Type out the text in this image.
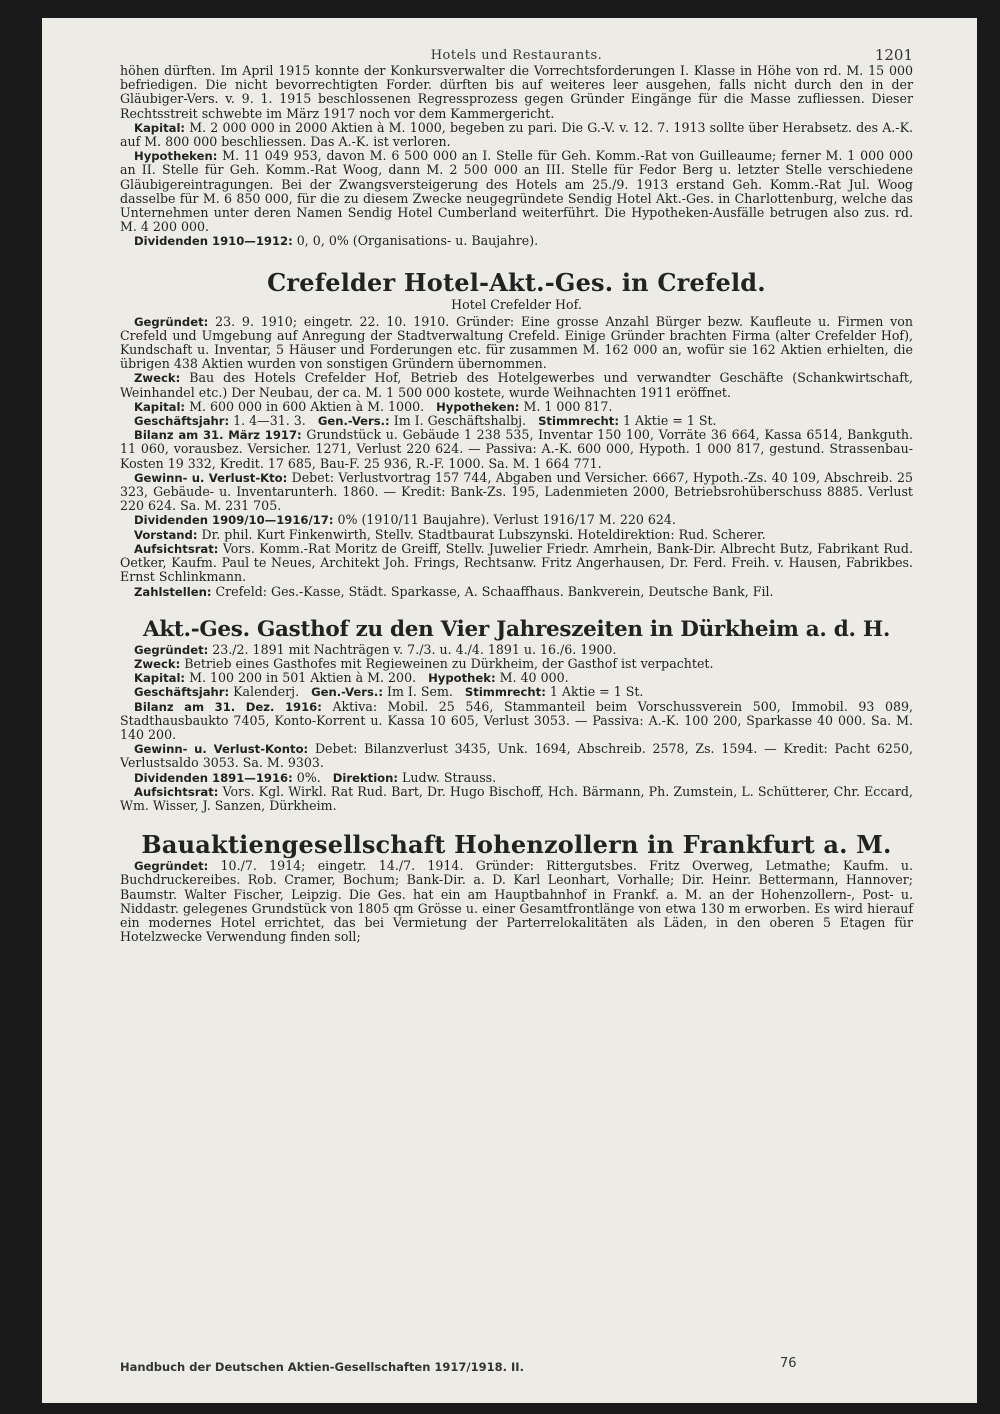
Hotels und Restaurants.	1201

höhen dürften. Im April 1915 konnte der Konkursverwalter die Vorrechtsforderungen I. Klasse in Höhe von rd. M. 15 000 befriedigen. Die nicht bevorrechtigten Forder. dürften bis auf weiteres leer ausgehen, falls nicht durch den in der Gläubiger-Vers. v. 9. 1. 1915 beschlossenen Regressprozess gegen Gründer Eingänge für die Masse zufliessen. Dieser Rechtsstreit schwebte im März 1917 noch vor dem Kammergericht.

Kapital: M. 2 000 000 in 2000 Aktien à M. 1000, begeben zu pari. Die G.-V. v. 12. 7. 1913 sollte über Herabsetz. des A.-K. auf M. 800 000 beschliessen. Das A.-K. ist verloren.

Hypotheken: M. 11 049 953, davon M. 6 500 000 an I. Stelle für Geh. Komm.-Rat von Guilleaume; ferner M. 1 000 000 an II. Stelle für Geh. Komm.-Rat Woog, dann M. 2 500 000 an III. Stelle für Fedor Berg u. letzter Stelle verschiedene Gläubigereintragungen. Bei der Zwangsversteigerung des Hotels am 25./9. 1913 erstand Geh. Komm.-Rat Jul. Woog dasselbe für M. 6 850 000, für die zu diesem Zwecke neugegründete Sendig Hotel Akt.-Ges. in Charlottenburg, welche das Unternehmen unter deren Namen Sendig Hotel Cumberland weiterführt. Die Hypotheken-Ausfälle betrugen also zus. rd. M. 4 200 000.

Dividenden 1910—1912: 0, 0, 0% (Organisations- u. Baujahre).

Crefelder Hotel-Akt.-Ges. in Crefeld.
Hotel Crefelder Hof.

Gegründet: 23. 9. 1910; eingetr. 22. 10. 1910. Gründer: Eine grosse Anzahl Bürger bezw. Kaufleute u. Firmen von Crefeld und Umgebung auf Anregung der Stadtverwaltung Crefeld. Einige Gründer brachten Firma (alter Crefelder Hof), Kundschaft u. Inventar, 5 Häuser und Forderungen etc. für zusammen M. 162 000 an, wofür sie 162 Aktien erhielten, die übrigen 438 Aktien wurden von sonstigen Gründern übernommen.

Zweck: Bau des Hotels Crefelder Hof, Betrieb des Hotelgewerbes und verwandter Geschäfte (Schankwirtschaft, Weinhandel etc.) Der Neubau, der ca. M. 1 500 000 kostete, wurde Weihnachten 1911 eröffnet.

Kapital: M. 600 000 in 600 Aktien à M. 1000. Hypotheken: M. 1 000 817.

Geschäftsjahr: 1. 4—31. 3. Gen.-Vers.: Im I. Geschäftshalbj. Stimmrecht: 1 Aktie = 1 St.

Bilanz am 31. März 1917: Grundstück u. Gebäude 1 238 535, Inventar 150 100, Vorräte 36 664, Kassa 6514, Bankguth. 11 060, vorausbez. Versicher. 1271, Verlust 220 624. — Passiva: A.-K. 600 000, Hypoth. 1 000 817, gestund. Strassenbau-Kosten 19 332, Kredit. 17 685, Bau-F. 25 936, R.-F. 1000. Sa. M. 1 664 771.

Gewinn- u. Verlust-Kto: Debet: Verlustvortrag 157 744, Abgaben und Versicher. 6667, Hypoth.-Zs. 40 109, Abschreib. 25 323, Gebäude- u. Inventarunterh. 1860. — Kredit: Bank-Zs. 195, Ladenmieten 2000, Betriebsrohüberschuss 8885. Verlust 220 624. Sa. M. 231 705.

Dividenden 1909/10—1916/17: 0% (1910/11 Baujahre). Verlust 1916/17 M. 220 624.

Vorstand: Dr. phil. Kurt Finkenwirth, Stellv. Stadtbaurat Lubszynski. Hoteldirektion: Rud. Scherer.

Aufsichtsrat: Vors. Komm.-Rat Moritz de Greiff, Stellv. Juwelier Friedr. Amrhein, Bank-Dir. Albrecht Butz, Fabrikant Rud. Oetker, Kaufm. Paul te Neues, Architekt Joh. Frings, Rechtsanw. Fritz Angerhausen, Dr. Ferd. Freih. v. Hausen, Fabrikbes. Ernst Schlinkmann.

Zahlstellen: Crefeld: Ges.-Kasse, Städt. Sparkasse, A. Schaaffhaus. Bankverein, Deutsche Bank, Fil.

Akt.-Ges. Gasthof zu den Vier Jahreszeiten in Dürkheim a. d. H.

Gegründet: 23./2. 1891 mit Nachträgen v. 7./3. u. 4./4. 1891 u. 16./6. 1900.

Zweck: Betrieb eines Gasthofes mit Regieweinen zu Dürkheim, der Gasthof ist verpachtet.

Kapital: M. 100 200 in 501 Aktien à M. 200. Hypothek: M. 40 000.

Geschäftsjahr: Kalenderj. Gen.-Vers.: Im I. Sem. Stimmrecht: 1 Aktie = 1 St.

Bilanz am 31. Dez. 1916: Aktiva: Mobil. 25 546, Stammanteil beim Vorschussverein 500, Immobil. 93 089, Stadthausbaukto 7405, Konto-Korrent u. Kassa 10 605, Verlust 3053. — Passiva: A.-K. 100 200, Sparkasse 40 000. Sa. M. 140 200.

Gewinn- u. Verlust-Konto: Debet: Bilanzverlust 3435, Unk. 1694, Abschreib. 2578, Zs. 1594. — Kredit: Pacht 6250, Verlustsaldo 3053. Sa. M. 9303.

Dividenden 1891—1916: 0%. Direktion: Ludw. Strauss.

Aufsichtsrat: Vors. Kgl. Wirkl. Rat Rud. Bart, Dr. Hugo Bischoff, Hch. Bärmann, Ph. Zumstein, L. Schütterer, Chr. Eccard, Wm. Wisser, J. Sanzen, Dürkheim.

Bauaktiengesellschaft Hohenzollern in Frankfurt a. M.

Gegründet: 10./7. 1914; eingetr. 14./7. 1914. Gründer: Rittergutsbes. Fritz Overweg, Letmathe; Kaufm. u. Buchdruckereibes. Rob. Cramer, Bochum; Bank-Dir. a. D. Karl Leonhart, Vorhalle; Dir. Heinr. Bettermann, Hannover; Baumstr. Walter Fischer, Leipzig. Die Ges. hat ein am Hauptbahnhof in Frankf. a. M. an der Hohenzollern-, Post- u. Niddastr. gelegenes Grundstück von 1805 qm Grösse u. einer Gesamtfrontlänge von etwa 130 m erworben. Es wird hierauf ein modernes Hotel errichtet, das bei Vermietung der Parterrelokalitäten als Läden, in den oberen 5 Etagen für Hotelzwecke Verwendung finden soll;

Handbuch der Deutschen Aktien-Gesellschaften 1917/1918. II.	76
